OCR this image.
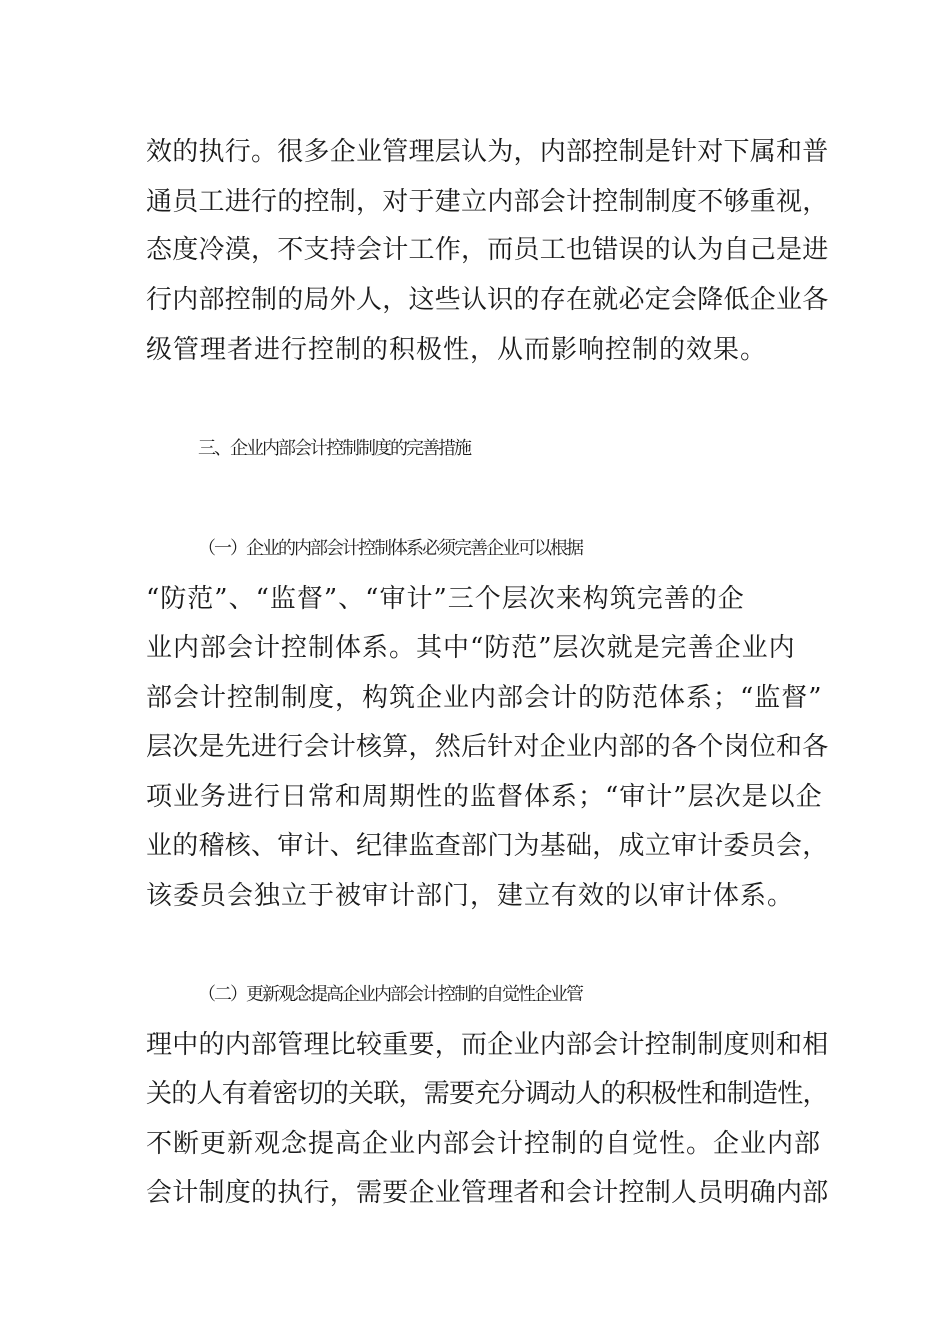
效的执行。很多企业管理层认为，内部控制是针对下属和普
通员工进行的控制，对于建立内部会计控制制度不够重视，
态度冷漠，不支持会计工作，而员工也错误的认为自己是进
行内部控制的局外人，这些认识的存在就必定会降低企业各
级管理者进行控制的积极性，从而影响控制的效果。
三、企业内部会计控制制度的完善措施
（一）企业的内部会计控制体系必须完善企业可以根据
“防范”、“监督”、“审计”三个层次来构筑完善的企
业内部会计控制体系。其中“防范”层次就是完善企业内
部会计控制制度，构筑企业内部会计的防范体系；“监督”
层次是先进行会计核算，然后针对企业内部的各个岗位和各
项业务进行日常和周期性的监督体系；“审计”层次是以企
业的稽核、审计、纪律监查部门为基础，成立审计委员会，
该委员会独立于被审计部门，建立有效的以审计体系。
（二）更新观念提高企业内部会计控制的自觉性企业管
理中的内部管理比较重要，而企业内部会计控制制度则和相
关的人有着密切的关联，需要充分调动人的积极性和制造性，
不断更新观念提高企业内部会计控制的自觉性。企业内部
会计制度的执行，需要企业管理者和会计控制人员明确内部
